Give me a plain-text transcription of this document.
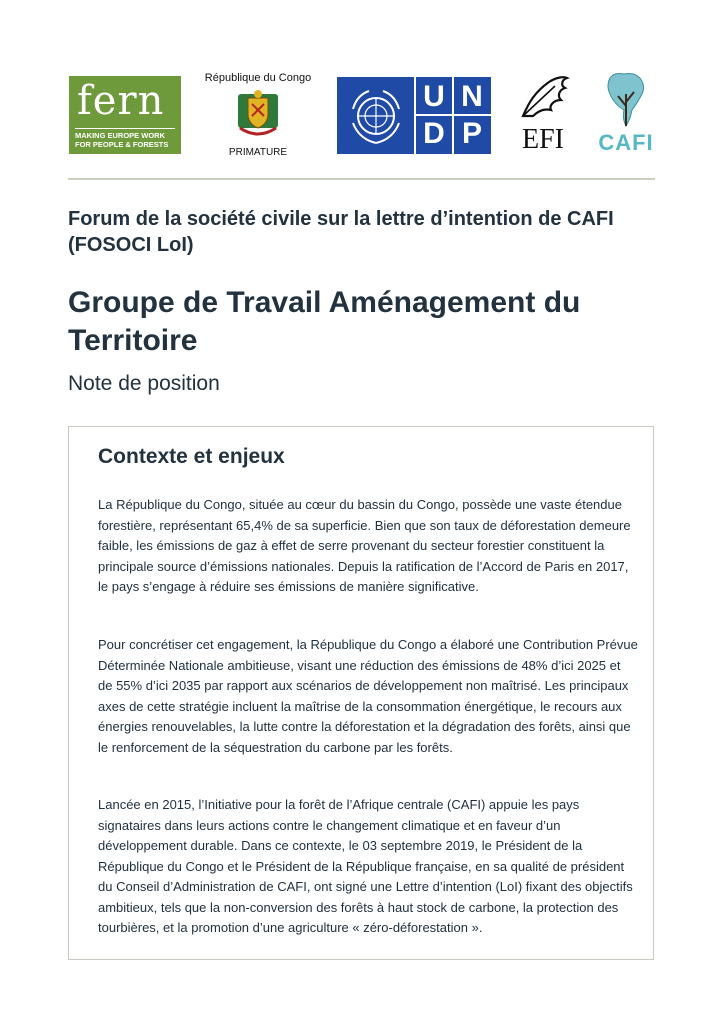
fern
MAKING EUROPE WORK FOR PEOPLE & FORESTS
République du Congo
PRIMATURE
U N
D P	EFI	CAFI
Forum de la société civile sur la lettre d’intention de CAFI (FOSOCI LoI)
Groupe de Travail Aménagement du Territoire
Note de position
Contexte et enjeux

La République du Congo, située au cœur du bassin du Congo, possède une vaste étendue forestière, représentant 65,4% de sa superficie. Bien que son taux de déforestation demeure faible, les émissions de gaz à effet de serre provenant du secteur forestier constituent la principale source d’émissions nationales. Depuis la ratification de l’Accord de Paris en 2017, le pays s’engage à réduire ses émissions de manière significative.

Pour concrétiser cet engagement, la République du Congo a élaboré une Contribution Prévue Déterminée Nationale ambitieuse, visant une réduction des émissions de 48% d’ici 2025 et de 55% d’ici 2035 par rapport aux scénarios de développement non maîtrisé. Les principaux axes de cette stratégie incluent la maîtrise de la consommation énergétique, le recours aux énergies renouvelables, la lutte contre la déforestation et la dégradation des forêts, ainsi que le renforcement de la séquestration du carbone par les forêts.

Lancée en 2015, l’Initiative pour la forêt de l’Afrique centrale (CAFI) appuie les pays signataires dans leurs actions contre le changement climatique et en faveur d’un développement durable. Dans ce contexte, le 03 septembre 2019, le Président de la République du Congo et le Président de la République française, en sa qualité de président du Conseil d’Administration de CAFI, ont signé une Lettre d’intention (LoI) fixant des objectifs ambitieux, tels que la non-conversion des forêts à haut stock de carbone, la protection des tourbières, et la promotion d’une agriculture « zéro-déforestation ».
